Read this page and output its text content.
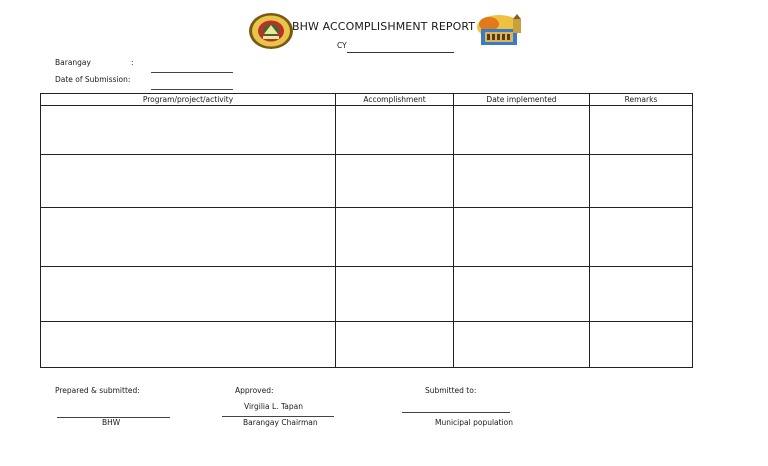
BHW ACCOMPLISHMENT REPORT
CY
Barangay	:
Date of Submission:
Program/project/activity	Accomplishment	Date implemented	Remarks

Prepared & submitted:
BHW
Approved:
Virgilia L. Tapan
Barangay Chairman
Submitted to:
Municipal population
